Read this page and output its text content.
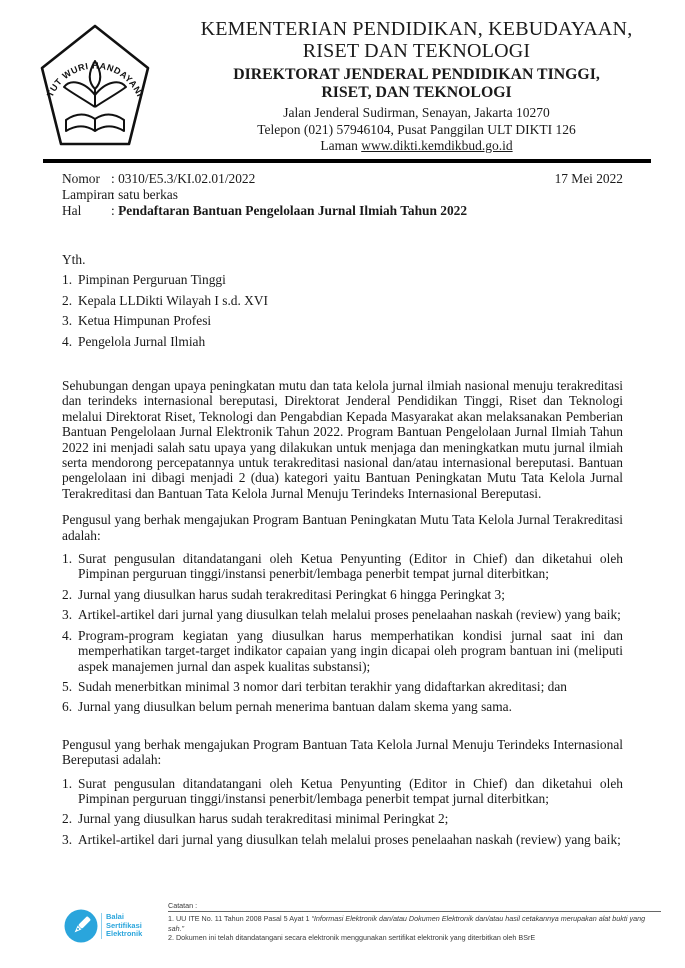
TUT WURI HANDAYANI
KEMENTERIAN PENDIDIKAN, KEBUDAYAAN,
RISET DAN TEKNOLOGI
DIREKTORAT JENDERAL PENDIDIKAN TINGGI,
RISET, DAN TEKNOLOGI
Jalan Jenderal Sudirman, Senayan, Jakarta 10270
Telepon (021) 57946104, Pusat Panggilan ULT DIKTI 126
Laman www.dikti.kemdikbud.go.id
Nomor : 0310/E5.3/KI.02.01/2022
Lampiran
: satu berkas
Hal	: Pendaftaran Bantuan Pengelolaan Jurnal Ilmiah Tahun 2022
17 Mei 2022
Yth.
1. Pimpinan Perguruan Tinggi
2. Kepala LLDikti Wilayah I s.d. XVI
3. Ketua Himpunan Profesi
4. Pengelola Jurnal Ilmiah

Sehubungan dengan upaya peningkatan mutu dan tata kelola jurnal ilmiah nasional menuju terakreditasi dan terindeks internasional bereputasi, Direktorat Jenderal Pendidikan Tinggi, Riset dan Teknologi melalui Direktorat Riset, Teknologi dan Pengabdian Kepada Masyarakat akan melaksanakan Pemberian Bantuan Pengelolaan Jurnal Elektronik Tahun 2022. Program Bantuan Pengelolaan Jurnal Ilmiah Tahun 2022 ini menjadi salah satu upaya yang dilakukan untuk menjaga dan meningkatkan mutu jurnal ilmiah serta mendorong percepatannya untuk terakreditasi nasional dan/atau internasional bereputasi. Bantuan pengelolaan ini dibagi menjadi 2 (dua) kategori yaitu Bantuan Peningkatan Mutu Tata Kelola Jurnal Terakreditasi dan Bantuan Tata Kelola Jurnal Menuju Terindeks Internasional Bereputasi.

Pengusul yang berhak mengajukan Program Bantuan Peningkatan Mutu Tata Kelola Jurnal Terakreditasi adalah:

1. Surat pengusulan ditandatangani oleh Ketua Penyunting (Editor in Chief) dan diketahui oleh Pimpinan perguruan tinggi/instansi penerbit/lembaga penerbit tempat jurnal diterbitkan;
2. Jurnal yang diusulkan harus sudah terakreditasi Peringkat 6 hingga Peringkat 3;
3. Artikel-artikel dari jurnal yang diusulkan telah melalui proses penelaahan naskah (review) yang baik;
4. Program-program kegiatan yang diusulkan harus memperhatikan kondisi jurnal saat ini dan memperhatikan target-target indikator capaian yang ingin dicapai oleh program bantuan ini (meliputi aspek manajemen jurnal dan aspek kualitas substansi);
5. Sudah menerbitkan minimal 3 nomor dari terbitan terakhir yang didaftarkan akreditasi; dan
6. Jurnal yang diusulkan belum pernah menerima bantuan dalam skema yang sama.

Pengusul yang berhak mengajukan Program Bantuan Tata Kelola Jurnal Menuju Terindeks Internasional Bereputasi adalah:

1. Surat pengusulan ditandatangani oleh Ketua Penyunting (Editor in Chief) dan diketahui oleh Pimpinan perguruan tinggi/instansi penerbit/lembaga penerbit tempat jurnal diterbitkan;
2. Jurnal yang diusulkan harus sudah terakreditasi minimal Peringkat 2;
3. Artikel-artikel dari jurnal yang diusulkan telah melalui proses penelaahan naskah (review) yang baik;
Balai
Sertifikasi
Elektronik
Catatan :
1. UU ITE No. 11 Tahun 2008 Pasal 5 Ayat 1 “Informasi Elektronik dan/atau Dokumen Elektronik dan/atau hasil cetakannya merupakan alat bukti yang sah.”
2. Dokumen ini telah ditandatangani secara elektronik menggunakan sertifikat elektronik yang diterbitkan oleh BSrE
